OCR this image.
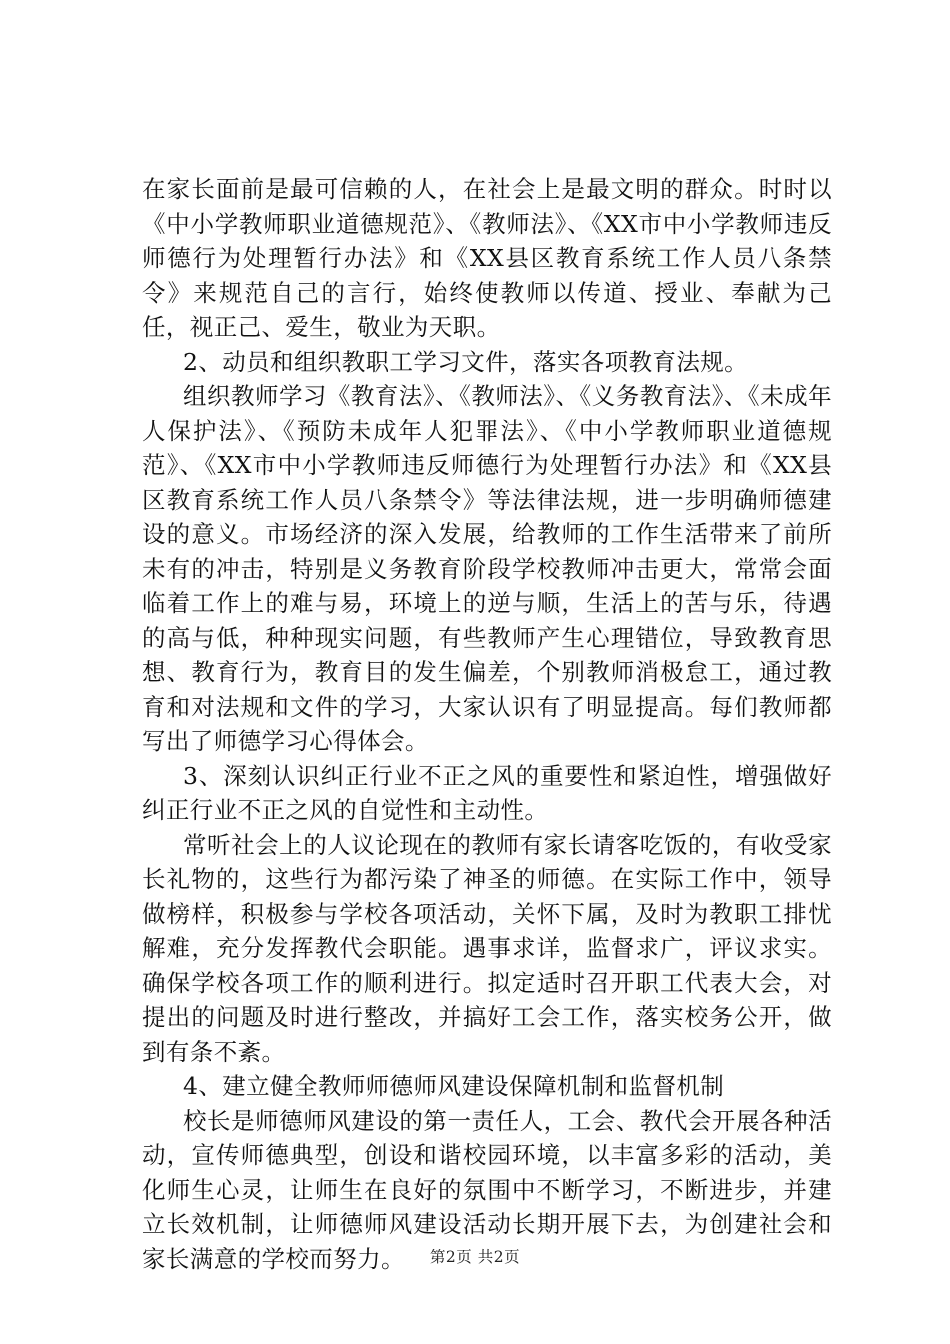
在家长面前是最可信赖的人，在社会上是最文明的群众。时时以《中小学教师职业道德规范》、《教师法》、《XX市中小学教师违反师德行为处理暂行办法》和《XX县区教育系统工作人员八条禁令》来规范自己的言行，始终使教师以传道、授业、奉献为己任，视正己、爱生，敬业为天职。

2、动员和组织教职工学习文件，落实各项教育法规。

组织教师学习《教育法》、《教师法》、《义务教育法》、《未成年人保护法》、《预防未成年人犯罪法》、《中小学教师职业道德规范》、《XX市中小学教师违反师德行为处理暂行办法》和《XX县区教育系统工作人员八条禁令》等法律法规，进一步明确师德建设的意义。市场经济的深入发展，给教师的工作生活带来了前所未有的冲击，特别是义务教育阶段学校教师冲击更大，常常会面临着工作上的难与易，环境上的逆与顺，生活上的苦与乐，待遇的高与低，种种现实问题，有些教师产生心理错位，导致教育思想、教育行为，教育目的发生偏差，个别教师消极怠工，通过教育和对法规和文件的学习，大家认识有了明显提高。每们教师都写出了师德学习心得体会。

3、深刻认识纠正行业不正之风的重要性和紧迫性，增强做好纠正行业不正之风的自觉性和主动性。

常听社会上的人议论现在的教师有家长请客吃饭的，有收受家长礼物的，这些行为都污染了神圣的师德。在实际工作中，领导做榜样，积极参与学校各项活动，关怀下属，及时为教职工排忧解难，充分发挥教代会职能。遇事求详，监督求广，评议求实。确保学校各项工作的顺利进行。拟定适时召开职工代表大会，对提出的问题及时进行整改，并搞好工会工作，落实校务公开，做到有条不紊。

4、建立健全教师师德师风建设保障机制和监督机制

校长是师德师风建设的第一责任人，工会、教代会开展各种活动，宣传师德典型，创设和谐校园环境，以丰富多彩的活动，美化师生心灵，让师生在良好的氛围中不断学习，不断进步，并建立长效机制，让师德师风建设活动长期开展下去，为创建社会和家长满意的学校而努力。	第2页 共2页
